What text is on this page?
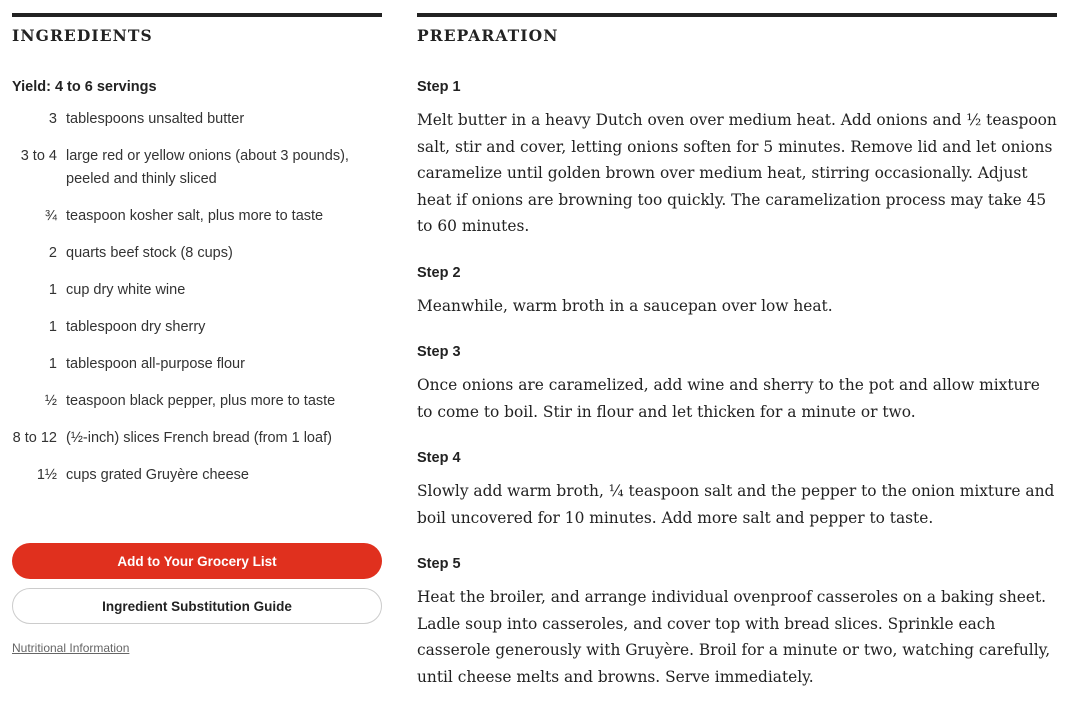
INGREDIENTS
Yield: 4 to 6 servings
3 tablespoons unsalted butter
3 to 4 large red or yellow onions (about 3 pounds), peeled and thinly sliced
¾ teaspoon kosher salt, plus more to taste
2 quarts beef stock (8 cups)
1 cup dry white wine
1 tablespoon dry sherry
1 tablespoon all-purpose flour
½ teaspoon black pepper, plus more to taste
8 to 12 (½-inch) slices French bread (from 1 loaf)
1½ cups grated Gruyère cheese
Add to Your Grocery List
Ingredient Substitution Guide
Nutritional Information
PREPARATION
Step 1
Melt butter in a heavy Dutch oven over medium heat. Add onions and ½ teaspoon salt, stir and cover, letting onions soften for 5 minutes. Remove lid and let onions caramelize until golden brown over medium heat, stirring occasionally. Adjust heat if onions are browning too quickly. The caramelization process may take 45 to 60 minutes.
Step 2
Meanwhile, warm broth in a saucepan over low heat.
Step 3
Once onions are caramelized, add wine and sherry to the pot and allow mixture to come to boil. Stir in flour and let thicken for a minute or two.
Step 4
Slowly add warm broth, ¼ teaspoon salt and the pepper to the onion mixture and boil uncovered for 10 minutes. Add more salt and pepper to taste.
Step 5
Heat the broiler, and arrange individual ovenproof casseroles on a baking sheet. Ladle soup into casseroles, and cover top with bread slices. Sprinkle each casserole generously with Gruyère. Broil for a minute or two, watching carefully, until cheese melts and browns. Serve immediately.
